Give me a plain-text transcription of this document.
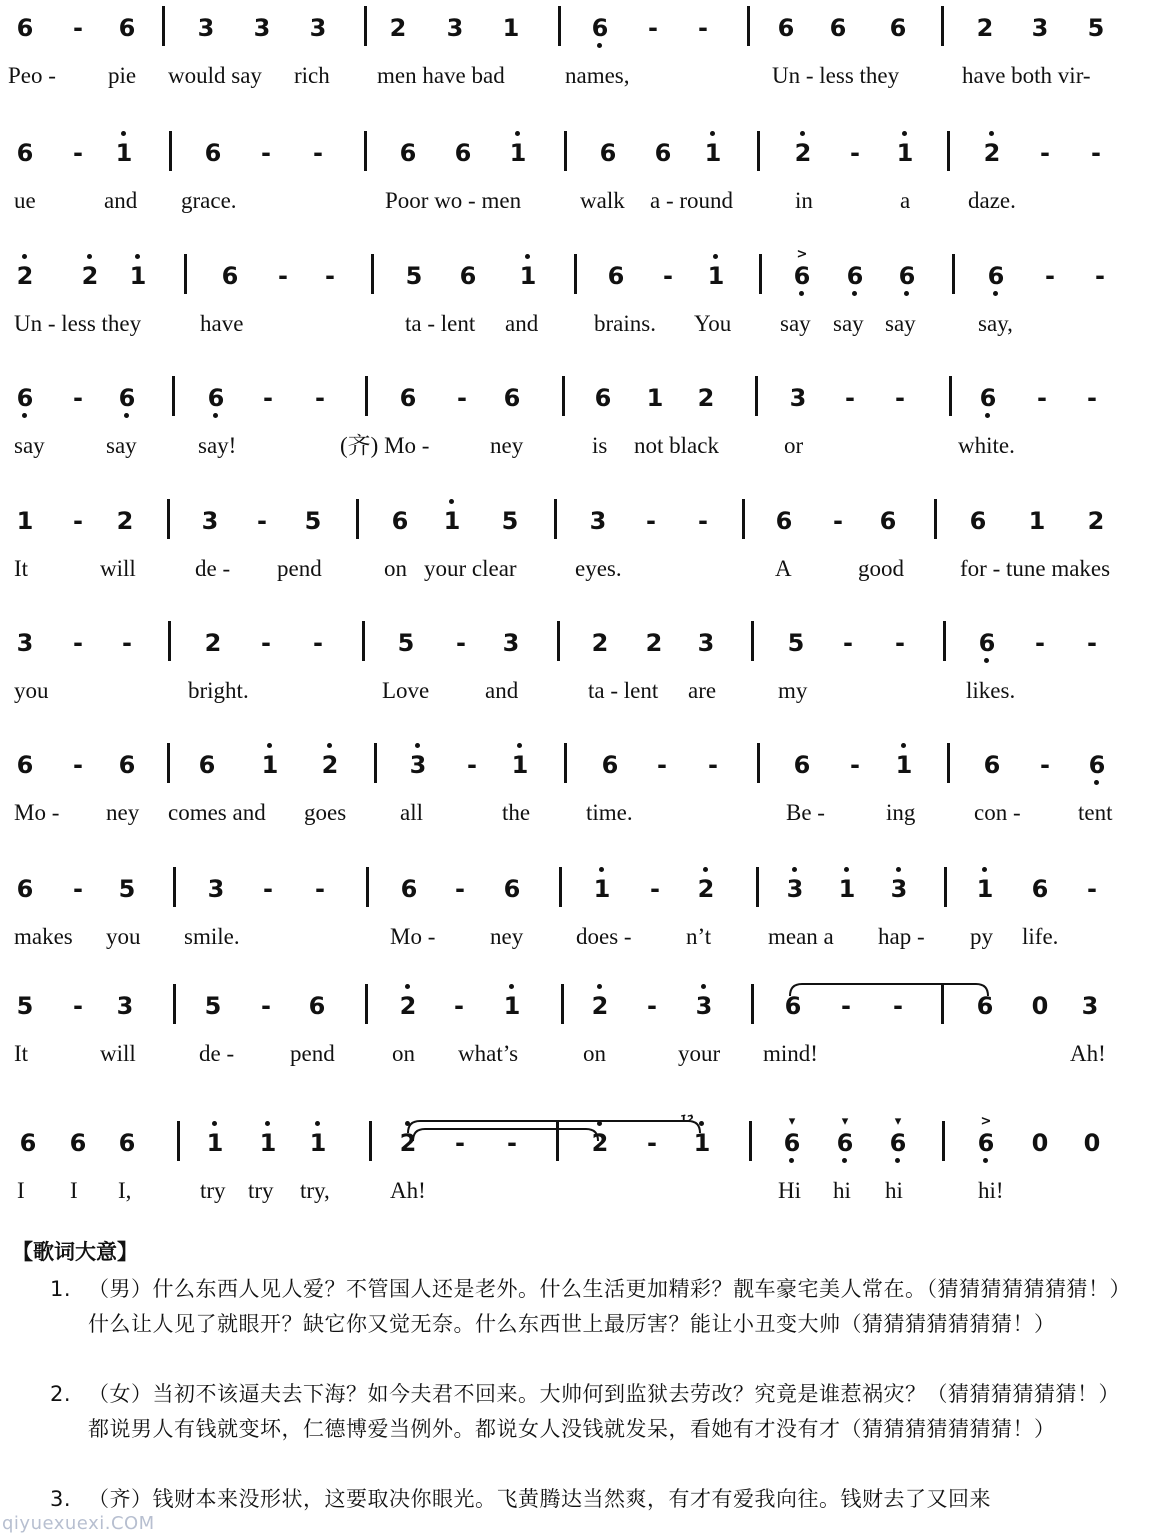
6 - 6	3 3 3	2 3 1	6 - -	6 6 6	2 3 5
Peo - pie would say rich men have bad	names,	Un - less they	have both vir-
6 - 1	6 - -	6 6 1	6 6 1	2 - 1	2 - -
ue	and grace.	Poor wo - men	walk a - round	in	a	daze.
2 2 1	6 - -	5 6 1	6 - 1	6
>
6 6	6 - -
Un - less they	have	ta - lent and brains. You say say say	say,
6 - 6	6 - -	6 - 6	6 1 2	3 - -	6 - -
say	say	say!	(齐) Mo -	ney	is not black	or	white.
1 - 2	3 - 5	6 1 5	3 - -	6 - 6	6 1 2
It	will	de - pend	on your clear	eyes.	A	good for - tune makes
3 - -	2 - -	5 - 3	2 2 3	5 - -	6 - -
you	bright.	Love and	ta - lent are	my	likes.
6 - 6	6 1 2	3 - 1	6 - -	6 - 1	6 - 6
Mo - ney comes and goes all	the time.	Be -	ing	con - tent
6 - 5	3 - -	6 - 6	1 - 2	3 1 3	1 6 -
makes you smile.	Mo - ney does - n’t mean a hap - py life.
5 - 3	5 - 6	2 - 1	2 - 3	6 - -	6 0 3
It	will	de - pend on what’s	on	your mind!	Ah!
6 6 6	1 1 1	2 - -	2 - 1
1̇2̇
6
▾
6
▾
6
▾
6
>
0 0
I I I,	try try try,	Ah!	Hi hi hi	hi!
【歌词大意】
1. （男）什么东西人见人爱？不管国人还是老外。什么生活更加精彩？靓车豪宅美人常在。（猜猜猜猜猜猜猜！）什么让人见了就眼开？缺它你又觉无奈。什么东西世上最厉害？能让小丑变大帅（猜猜猜猜猜猜猜！）
2. （女）当初不该逼夫去下海？如今夫君不回来。大帅何到监狱去劳改？究竟是谁惹祸灾？（猜猜猜猜猜猜！）都说男人有钱就变坏，仁德博爱当例外。都说女人没钱就发呆，看她有才没有才（猜猜猜猜猜猜猜！）
3. （齐）钱财本来没形状，这要取决你眼光。飞黄腾达当然爽，有才有爱我向往。钱财去了又回来
qiyuexuexi.COM
